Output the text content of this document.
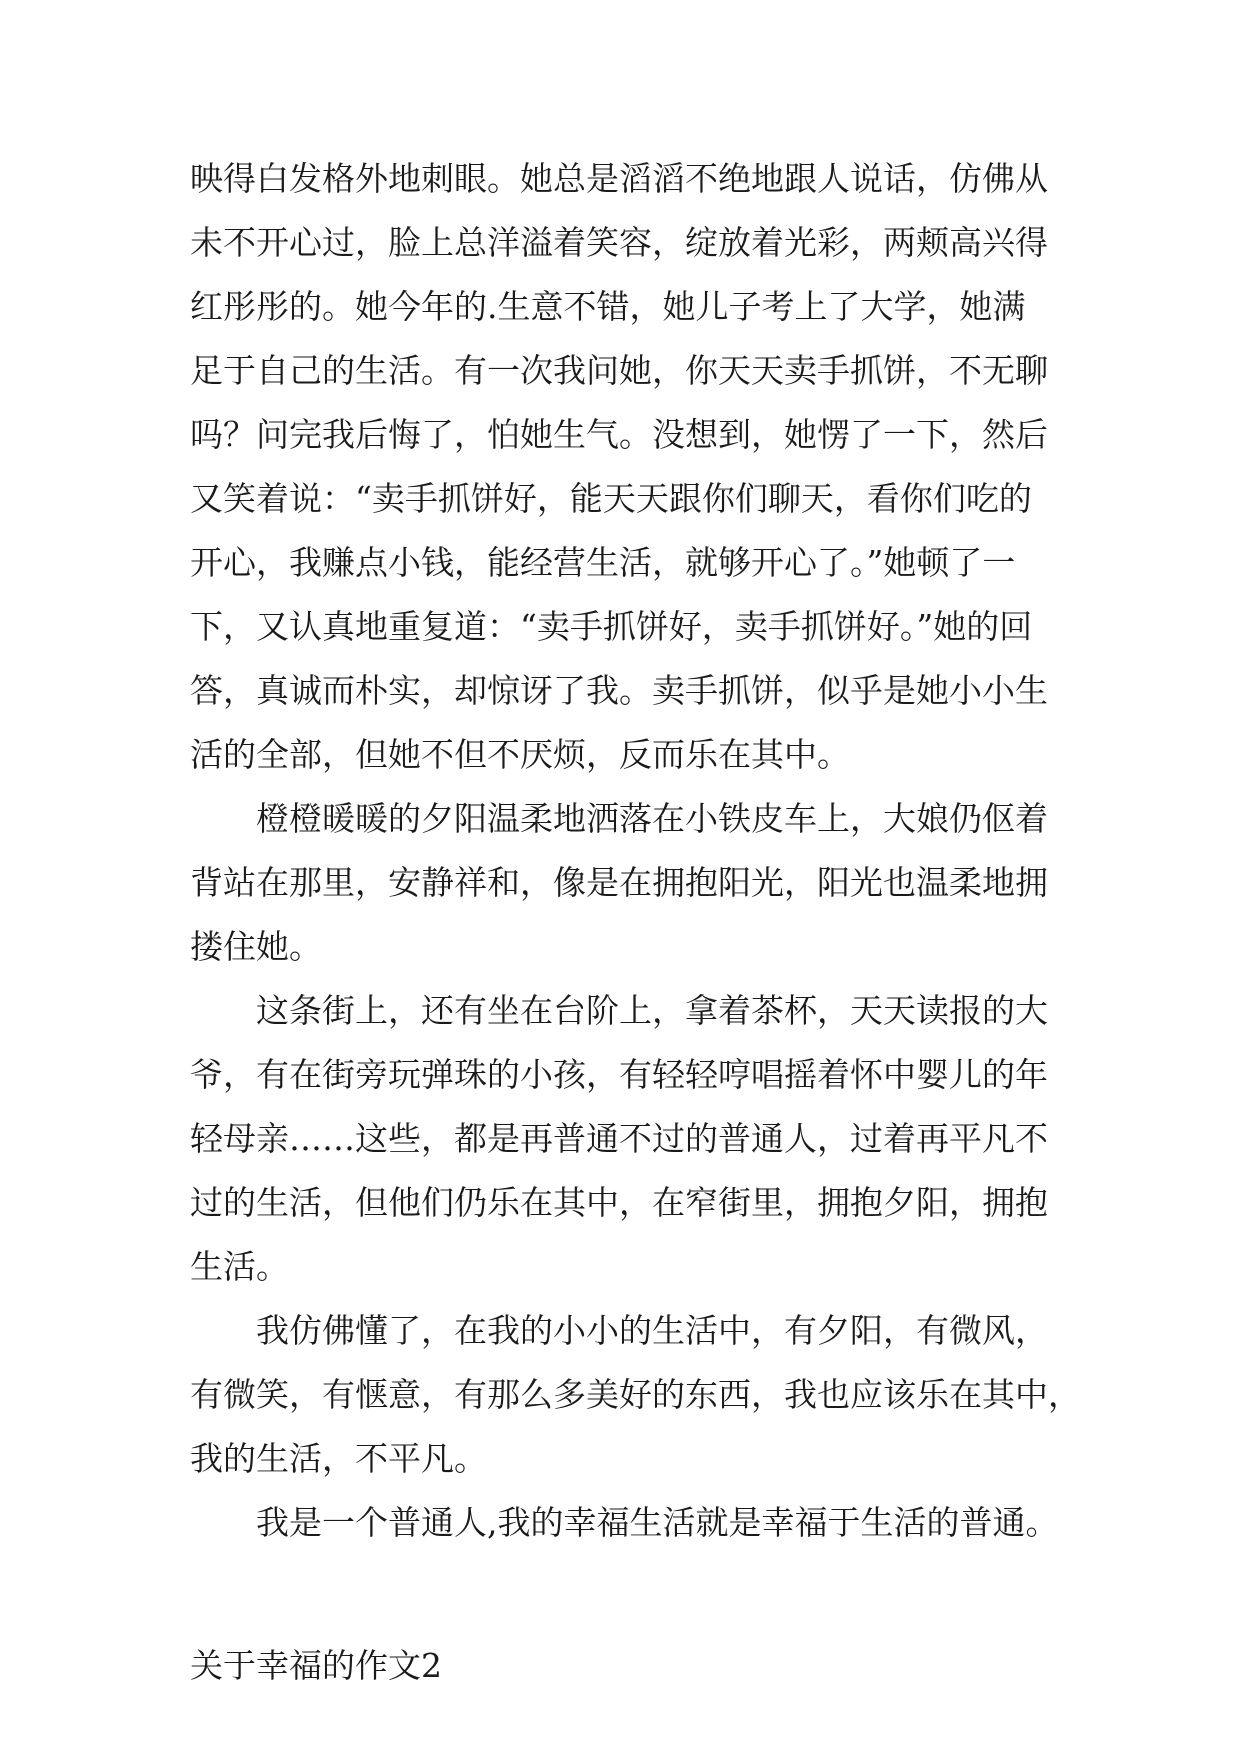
映得白发格外地刺眼。她总是滔滔不绝地跟人说话，仿佛从
未不开心过，脸上总洋溢着笑容，绽放着光彩，两颊高兴得
红彤彤的。她今年的.生意不错，她儿子考上了大学，她满
足于自己的生活。有一次我问她，你天天卖手抓饼，不无聊
吗？问完我后悔了，怕她生气。没想到，她愣了一下，然后
又笑着说：“卖手抓饼好，能天天跟你们聊天，看你们吃的
开心，我赚点小钱，能经营生活，就够开心了。”她顿了一
下，又认真地重复道：“卖手抓饼好，卖手抓饼好。”她的回
答，真诚而朴实，却惊讶了我。卖手抓饼，似乎是她小小生
活的全部，但她不但不厌烦，反而乐在其中。
橙橙暖暖的夕阳温柔地洒落在小铁皮车上，大娘仍伛着
背站在那里，安静祥和，像是在拥抱阳光，阳光也温柔地拥
搂住她。
这条街上，还有坐在台阶上，拿着茶杯，天天读报的大
爷，有在街旁玩弹珠的小孩，有轻轻哼唱摇着怀中婴儿的年
轻母亲……这些，都是再普通不过的普通人，过着再平凡不
过的生活，但他们仍乐在其中，在窄街里，拥抱夕阳，拥抱
生活。
我仿佛懂了，在我的小小的生活中，有夕阳，有微风，
有微笑，有惬意，有那么多美好的东西，我也应该乐在其中，
我的生活，不平凡。
我是一个普通人,我的幸福生活就是幸福于生活的普通。
关于幸福的作文2
